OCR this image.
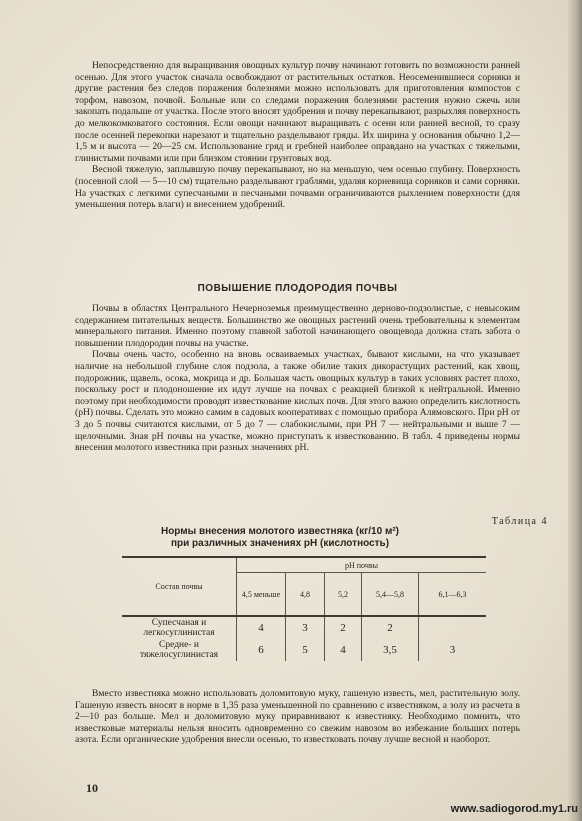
Непосредственно для выращивания овощных культур почву начинают готовить по возможности ранней осенью. Для этого участок сначала освобождают от растительных остатков. Неосеменившиеся сорняки и другие растения без следов поражения болезнями можно использовать для приготовления компостов с торфом, навозом, почвой. Больные или со следами поражения болезнями растения нужно сжечь или закопать подальше от участка. После этого вносят удобрения и почву перекапывают, разрыхляя поверхность до мелкокомковатого состояния. Если овощи начинают выращивать с осени или ранней весной, то сразу после осенней перекопки нарезают и тщательно разделывают гряды. Их ширина у основания обычно 1,2—1,5 м и высота — 20—25 см. Использование гряд и гребней наиболее оправдано на участках с тяжелыми, глинистыми почвами или при близком стоянии грунтовых вод.

Весной тяжелую, заплывшую почву перекапывают, но на меньшую, чем осенью глубину. Поверхность (посевной слой — 5—10 см) тщательно разделывают граблями, удаляя корневища сорняков и сами сорняки. На участках с легкими супесчаными и песчаными почвами ограничиваются рыхлением поверхности (для уменьшения потерь влаги) и внесением удобрений.

ПОВЫШЕНИЕ ПЛОДОРОДИЯ ПОЧВЫ

Почвы в областях Центрального Нечерноземья преимущественно дерново-подзолистые, с невысоким содержанием питательных веществ. Большинство же овощных растений очень требовательны к элементам минерального питания. Именно поэтому главной заботой начинающего овощевода должна стать забота о повышении плодородия почвы на участке.

Почвы очень часто, особенно на вновь осваиваемых участках, бывают кислыми, на что указывает наличие на небольшой глубине слоя подзола, а также обилие таких дикорастущих растений, как хвощ, подорожник, щавель, осока, мокрица и др. Большая часть овощных культур в таких условиях растет плохо, поскольку рост и плодоношение их идут лучше на почвах с реакцией близкой к нейтральной. Именно поэтому при необходимости проводят известкование кислых почв. Для этого важно определить кислотность (pH) почвы. Сделать это можно самим в садовых кооперативах с помощью прибора Алямовского. При pH от 3 до 5 почвы считаются кислыми, от 5 до 7 — слабокислыми, при PH 7 — нейтральными и выше 7 — щелочными. Зная pH почвы на участке, можно приступать к известкованию. В табл. 4 приведены нормы внесения молотого известняка при разных значениях pH.

Таблица 4
Нормы внесения молотого известняка (кг/10 м²)
при различных значениях pH (кислотность)
Состав почвы	pH почвы				
	4,5 меньше	4,8	5,2	5,4—5,8	6,1—6,3
Супесчаная и легкосуглинистая	4	3	2	2	
Средне- и тяжелосуглинистая	6	5	4	3,5	3

Вместо известняка можно использовать доломитовую муку, гашеную известь, мел, растительную золу. Гашеную известь вносят в норме в 1,35 раза уменьшенной по сравнению с известняком, а золу из расчета в 2—10 раз больше. Мел и доломитовую муку приравнивают к известняку. Необходимо помнить, что известковые материалы нельзя вносить одновременно со свежим навозом во избежание больших потерь азота. Если органические удобрения внесли осенью, то известковать почву лучше весной и наоборот.

10
www.sadiogorod.my1.ru
